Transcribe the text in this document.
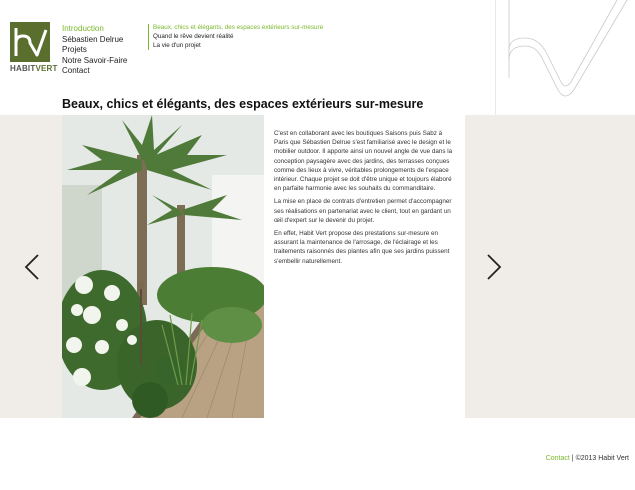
HABITVERT
Introduction
Sébastien Delrue
Projets
Notre Savoir-Faire
Contact
Beaux, chics et élégants, des espaces extérieurs sur-mesure
Quand le rêve devient réalité
La vie d'un projet
Beaux, chics et élégants, des espaces extérieurs sur-mesure

C'est en collaborant avec les boutiques Saisons puis Sabz à Paris que Sébastien Delrue s'est familiarisé avec le design et le mobilier outdoor. Il apporte ainsi un nouvel angle de vue dans la conception paysagère avec des jardins, des terrasses conçues comme des lieux à vivre, véritables prolongements de l'espace intérieur. Chaque projet se doit d'être unique et toujours élaboré en parfaite harmonie avec les souhaits du commanditaire.

La mise en place de contrats d'entretien permet d'accompagner ses réalisations en partenariat avec le client, tout en gardant un œil d'expert sur le devenir du projet.

En effet, Habit Vert propose des prestations sur-mesure en assurant la maintenance de l'arrosage, de l'éclairage et les traitements raisonnés des plantes afin que ses jardins puissent s'embellir naturellement.

Contact | ©2013 Habit Vert
